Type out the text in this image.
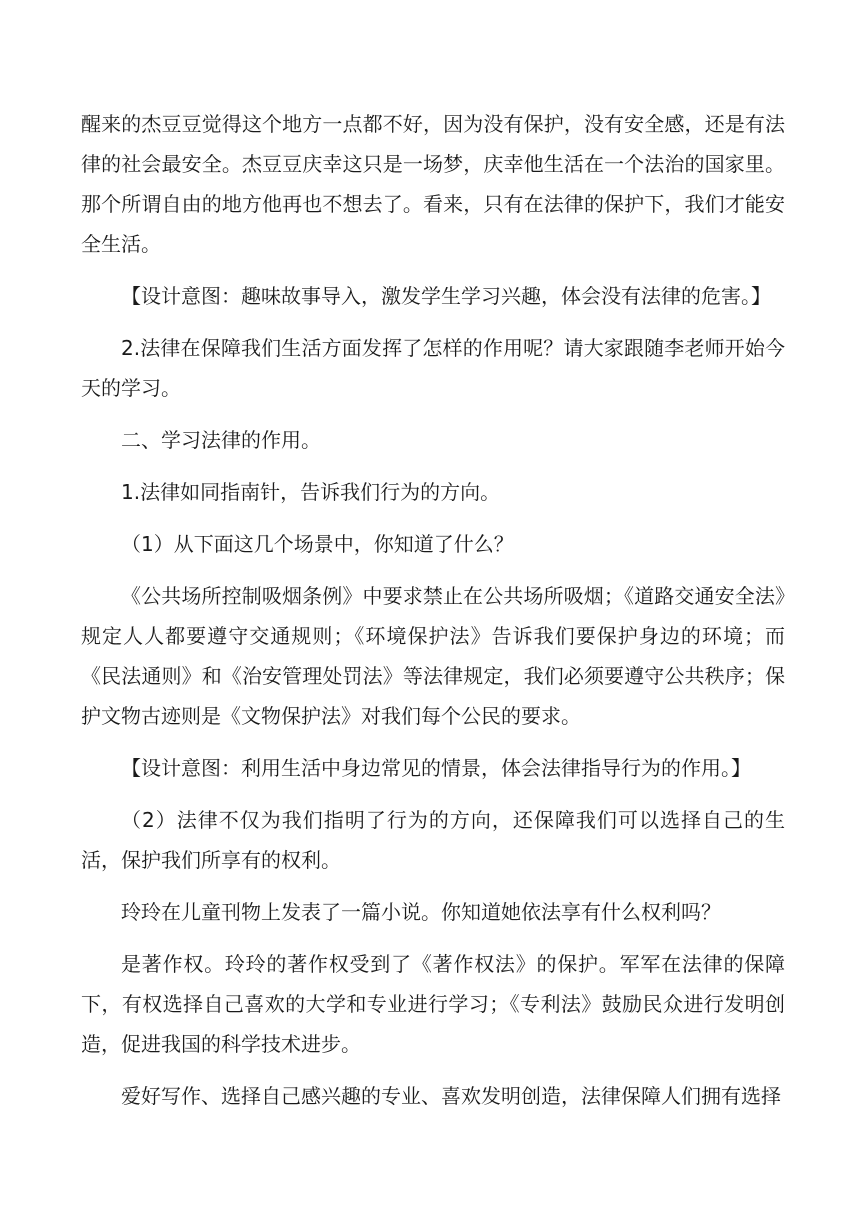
醒来的杰豆豆觉得这个地方一点都不好，因为没有保护，没有安全感，还是有法律的社会最安全。杰豆豆庆幸这只是一场梦，庆幸他生活在一个法治的国家里。那个所谓自由的地方他再也不想去了。看来，只有在法律的保护下，我们才能安全生活。

【设计意图：趣味故事导入，激发学生学习兴趣，体会没有法律的危害。】

2.法律在保障我们生活方面发挥了怎样的作用呢？请大家跟随李老师开始今天的学习。

二、学习法律的作用。

1.法律如同指南针，告诉我们行为的方向。

（1）从下面这几个场景中，你知道了什么？

《公共场所控制吸烟条例》中要求禁止在公共场所吸烟；《道路交通安全法》规定人人都要遵守交通规则；《环境保护法》告诉我们要保护身边的环境；而《民法通则》和《治安管理处罚法》等法律规定，我们必须要遵守公共秩序；保护文物古迹则是《文物保护法》对我们每个公民的要求。

【设计意图：利用生活中身边常见的情景，体会法律指导行为的作用。】

（2）法律不仅为我们指明了行为的方向，还保障我们可以选择自己的生活，保护我们所享有的权利。

玲玲在儿童刊物上发表了一篇小说。你知道她依法享有什么权利吗？

是著作权。玲玲的著作权受到了《著作权法》的保护。军军在法律的保障下，有权选择自己喜欢的大学和专业进行学习；《专利法》鼓励民众进行发明创造，促进我国的科学技术进步。

爱好写作、选择自己感兴趣的专业、喜欢发明创造，法律保障人们拥有选择
